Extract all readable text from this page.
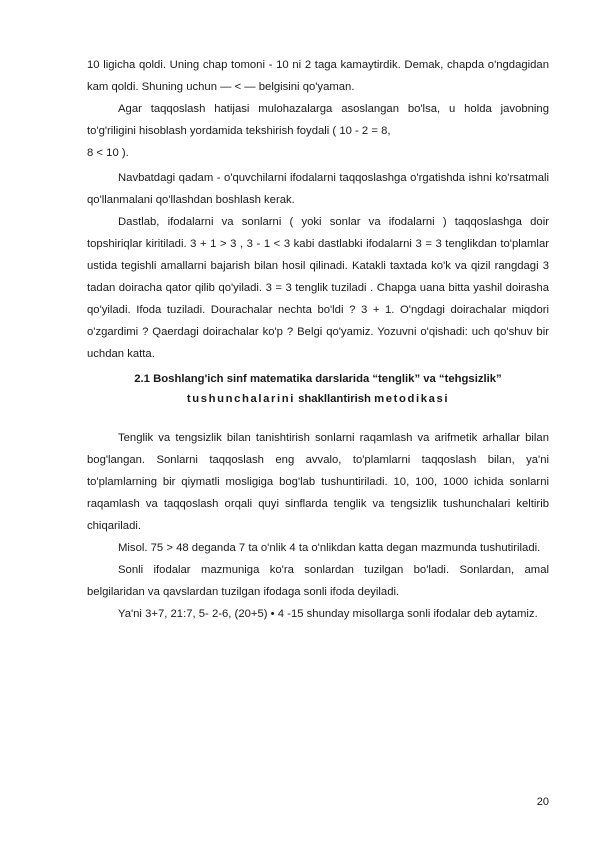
10 ligicha qoldi. Uning chap tomoni - 10 ni 2 taga kamaytirdik. Demak, chapda o'ngdagidan kam qoldi. Shuning uchun — < — belgisini qo'yaman.

Agar taqqoslash hatijasi mulohazalarga asoslangan bo'lsa, u holda javobning to'g'riligini hisoblash yordamida tekshirish foydali ( 10 - 2 = 8,

8 < 10 ).

Navbatdagi qadam - o'quvchilarni ifodalarni taqqoslashga o'rgatishda ishni ko'rsatmali qo'llanmalani qo'llashdan boshlash kerak.

Dastlab, ifodalarni va sonlarni ( yoki sonlar va ifodalarni ) taqqoslashga doir topshiriqlar kiritiladi. 3 + 1 > 3 , 3 - 1 < 3 kabi dastlabki ifodalarni 3 = 3 tenglikdan to'plamlar ustida tegishli amallarni bajarish bilan hosil qilinadi. Katakli taxtada ko'k va qizil rangdagi 3 tadan doiracha qator qilib qo'yiladi. 3 = 3 tenglik tuziladi . Chapga uana bitta yashil doirasha qo'yiladi. Ifoda tuziladi. Dourachalar nechta bo'ldi ? 3 + 1. O'ngdagi doirachalar miqdori o'zgardimi ? Qaerdagi doirachalar ko'p ? Belgi qo'yamiz. Yozuvni o'qishadi: uch qo'shuv bir uchdan katta.

2.1 Boshlang'ich sinf matematika darslarida “tenglik” va “tehgsizlik”
tushunchalarini shakllantirish metodikasi

Tenglik va tengsizlik bilan tanishtirish sonlarni raqamlash va arifmetik arhallar bilan bog'langan. Sonlarni taqqoslash eng avvalo, to'plamlarni taqqoslash bilan, ya'ni to'plamlarning bir qiymatli mosligiga bog'lab tushuntiriladi. 10, 100, 1000 ichida sonlarni raqamlash va taqqoslash orqali quyi sinflarda tenglik va tengsizlik tushunchalari keltirib chiqariladi.

Misol. 75 > 48 deganda 7 ta o'nlik 4 ta o'nlikdan katta degan mazmunda tushutiriladi.

Sonli ifodalar mazmuniga ko'ra sonlardan tuzilgan bo'ladi. Sonlardan, amal belgilaridan va qavslardan tuzilgan ifodaga sonli ifoda deyiladi.

Ya'ni 3+7, 21:7, 5- 2-6, (20+5) • 4 -15 shunday misollarga sonli ifodalar deb aytamiz.

20
